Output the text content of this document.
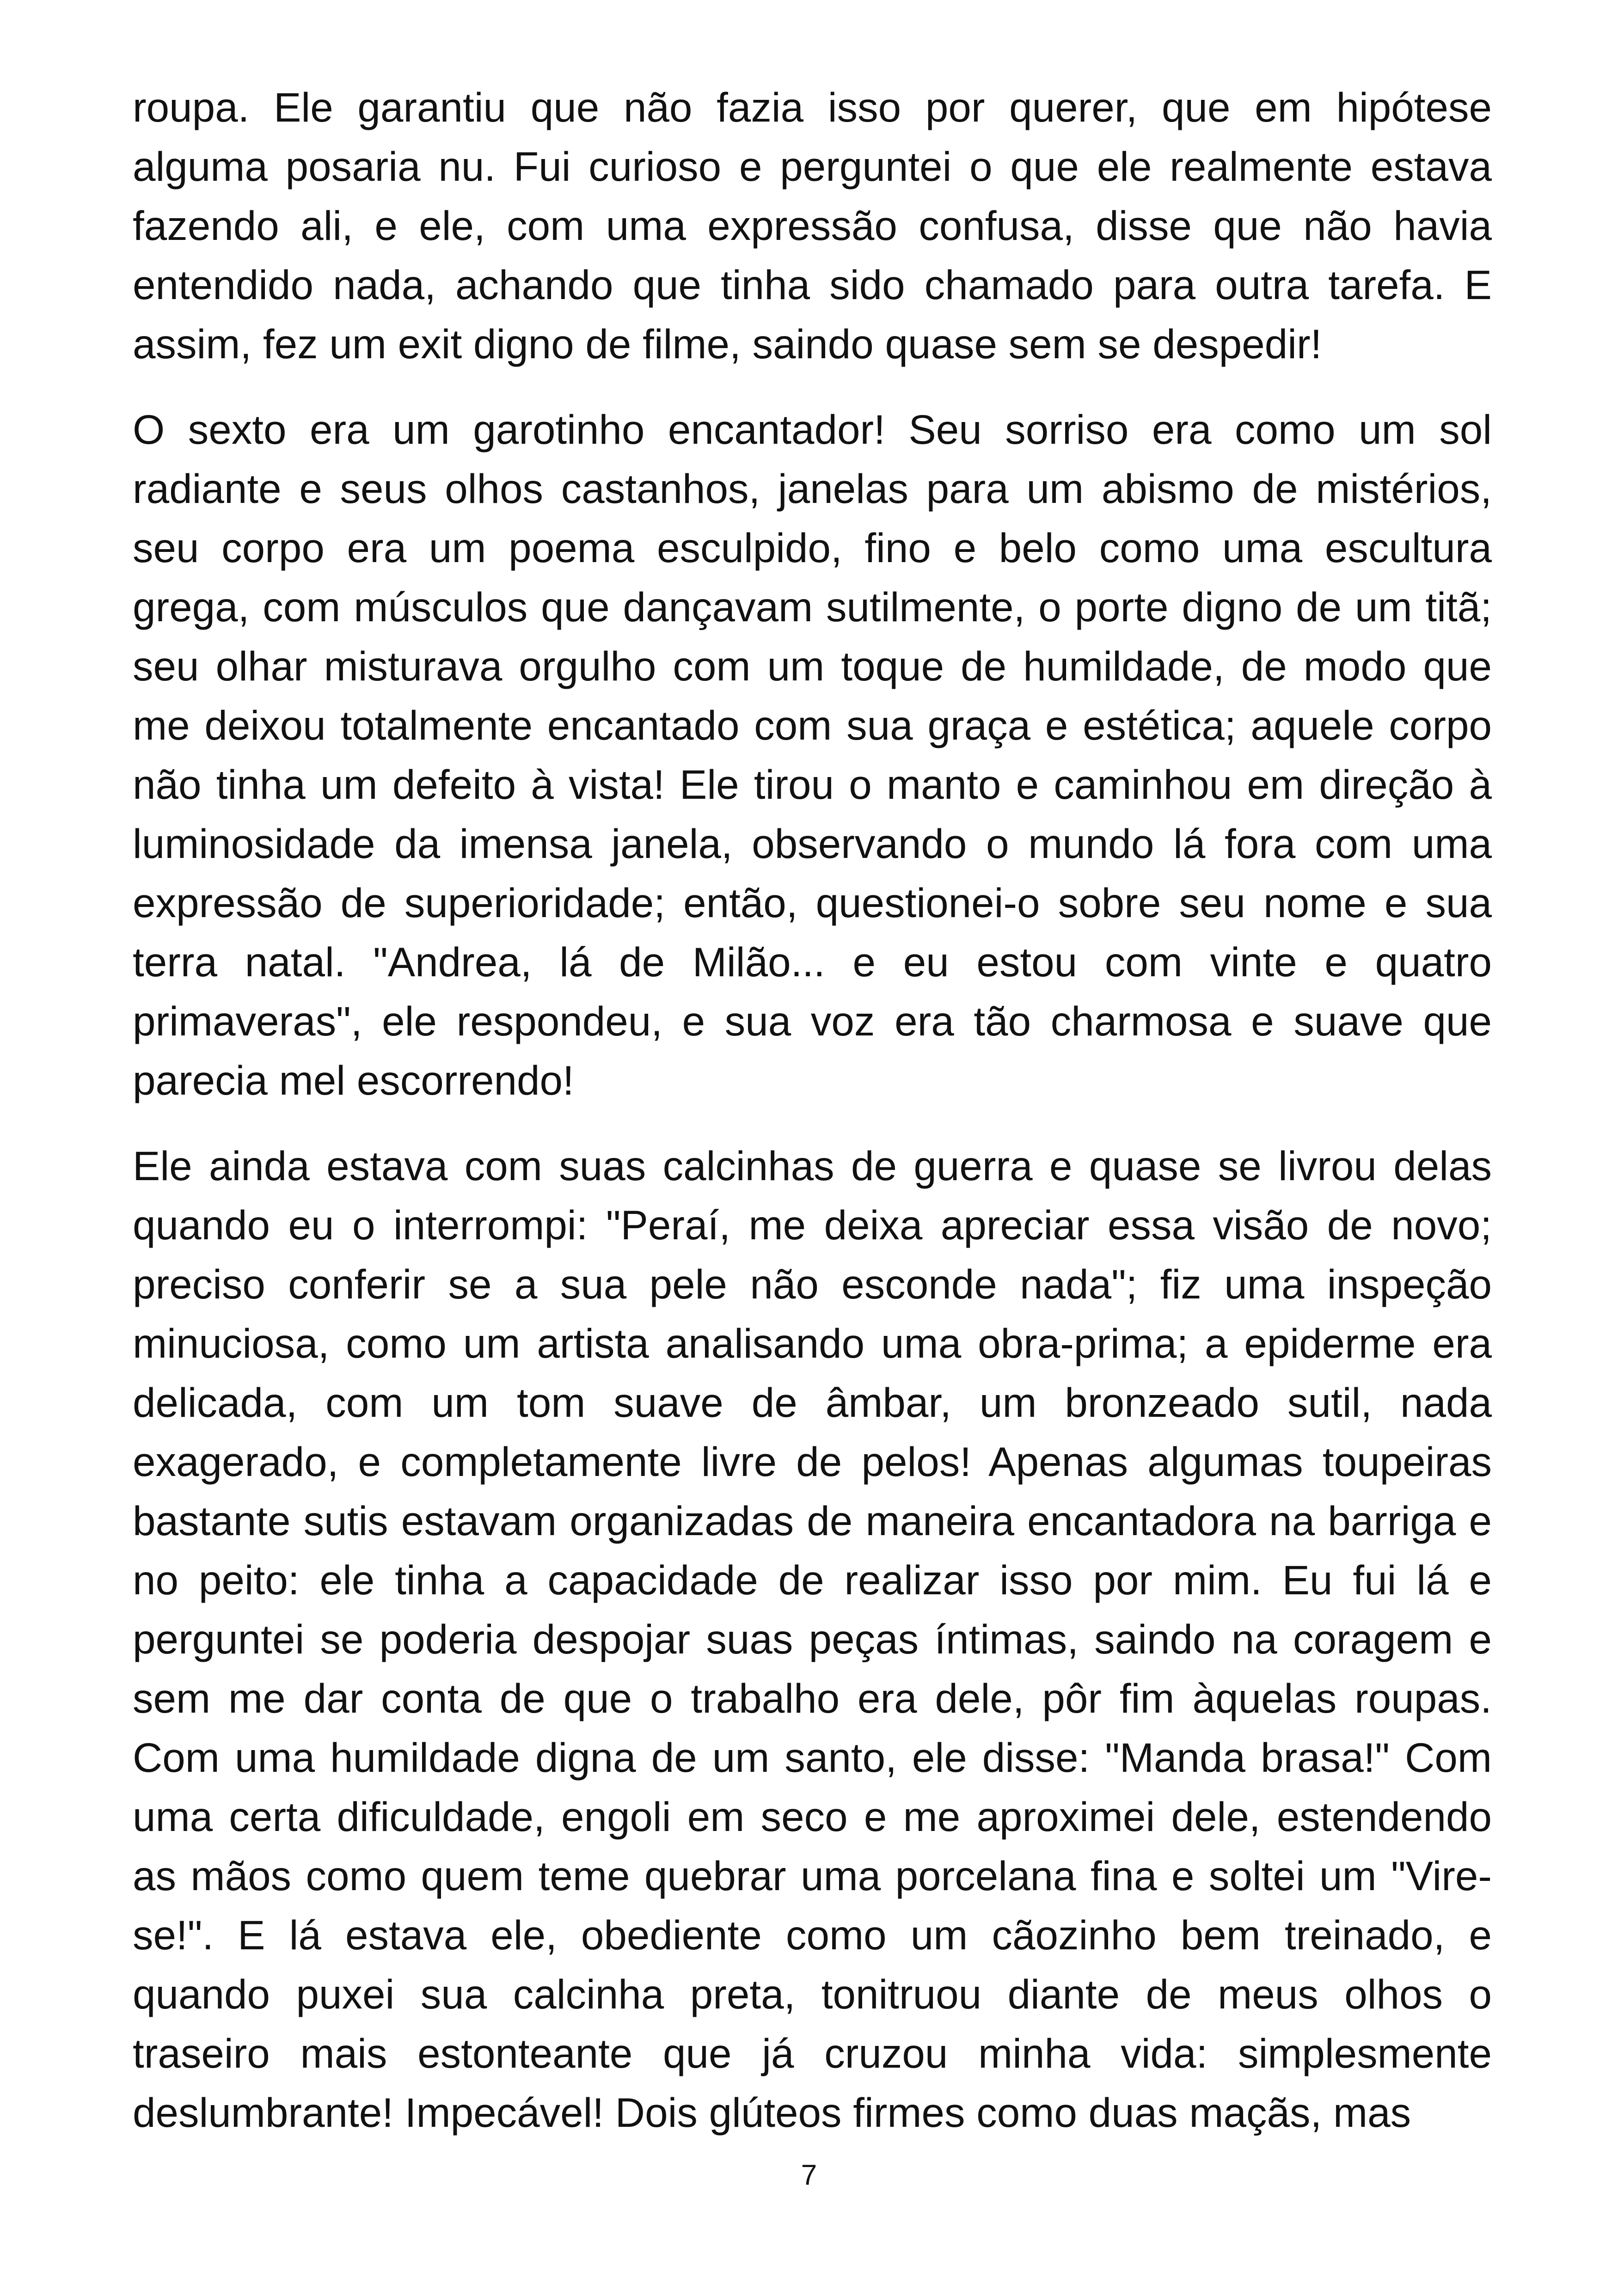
roupa. Ele garantiu que não fazia isso por querer, que em hipótese alguma posaria nu. Fui curioso e perguntei o que ele realmente estava fazendo ali, e ele, com uma expressão confusa, disse que não havia entendido nada, achando que tinha sido chamado para outra tarefa. E assim, fez um exit digno de filme, saindo quase sem se despedir!

O sexto era um garotinho encantador! Seu sorriso era como um sol radiante e seus olhos castanhos, janelas para um abismo de mistérios, seu corpo era um poema esculpido, fino e belo como uma escultura grega, com músculos que dançavam sutilmente, o porte digno de um titã; seu olhar misturava orgulho com um toque de humildade, de modo que me deixou totalmente encantado com sua graça e estética; aquele corpo não tinha um defeito à vista! Ele tirou o manto e caminhou em direção à luminosidade da imensa janela, observando o mundo lá fora com uma expressão de superioridade; então, questionei-o sobre seu nome e sua terra natal. "Andrea, lá de Milão... e eu estou com vinte e quatro primaveras", ele respondeu, e sua voz era tão charmosa e suave que parecia mel escorrendo!

Ele ainda estava com suas calcinhas de guerra e quase se livrou delas quando eu o interrompi: "Peraí, me deixa apreciar essa visão de novo; preciso conferir se a sua pele não esconde nada"; fiz uma inspeção minuciosa, como um artista analisando uma obra-prima; a epiderme era delicada, com um tom suave de âmbar, um bronzeado sutil, nada exagerado, e completamente livre de pelos! Apenas algumas toupeiras bastante sutis estavam organizadas de maneira encantadora na barriga e no peito: ele tinha a capacidade de realizar isso por mim. Eu fui lá e perguntei se poderia despojar suas peças íntimas, saindo na coragem e sem me dar conta de que o trabalho era dele, pôr fim àquelas roupas. Com uma humildade digna de um santo, ele disse: "Manda brasa!" Com uma certa dificuldade, engoli em seco e me aproximei dele, estendendo as mãos como quem teme quebrar uma porcelana fina e soltei um "Vire-se!". E lá estava ele, obediente como um cãozinho bem treinado, e quando puxei sua calcinha preta, tonitruou diante de meus olhos o traseiro mais estonteante que já cruzou minha vida: simplesmente deslumbrante! Impecável! Dois glúteos firmes como duas maçãs, mas

7
